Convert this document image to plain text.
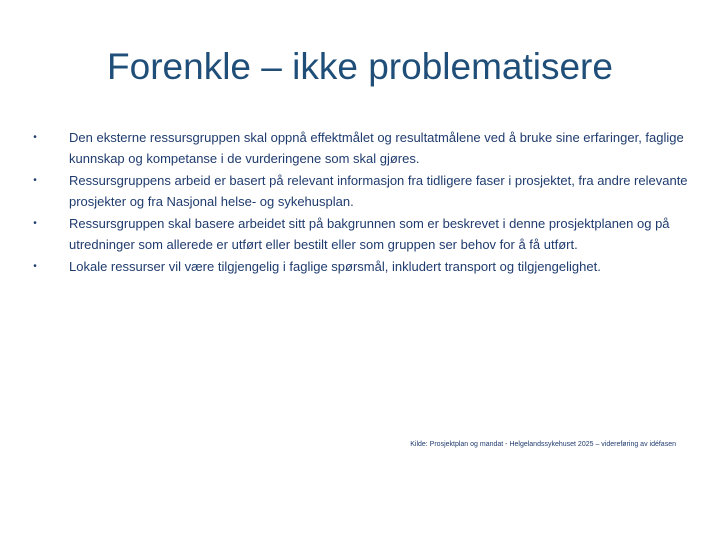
Forenkle – ikke problematisere
• Den eksterne ressursgruppen skal oppnå effektmålet og resultatmålene ved å bruke sine erfaringer, faglige kunnskap og kompetanse i de vurderingene som skal gjøres.
• Ressursgruppens arbeid er basert på relevant informasjon fra tidligere faser i prosjektet, fra andre relevante prosjekter og fra Nasjonal helse- og sykehusplan.
• Ressursgruppen skal basere arbeidet sitt på bakgrunnen som er beskrevet i denne prosjektplanen og på utredninger som allerede er utført eller bestilt eller som gruppen ser behov for å få utført.
• Lokale ressurser vil være tilgjengelig i faglige spørsmål, inkludert transport og tilgjengelighet.
Kilde: Prosjektplan og mandat - Helgelandssykehuset 2025 – videreføring av idéfasen
